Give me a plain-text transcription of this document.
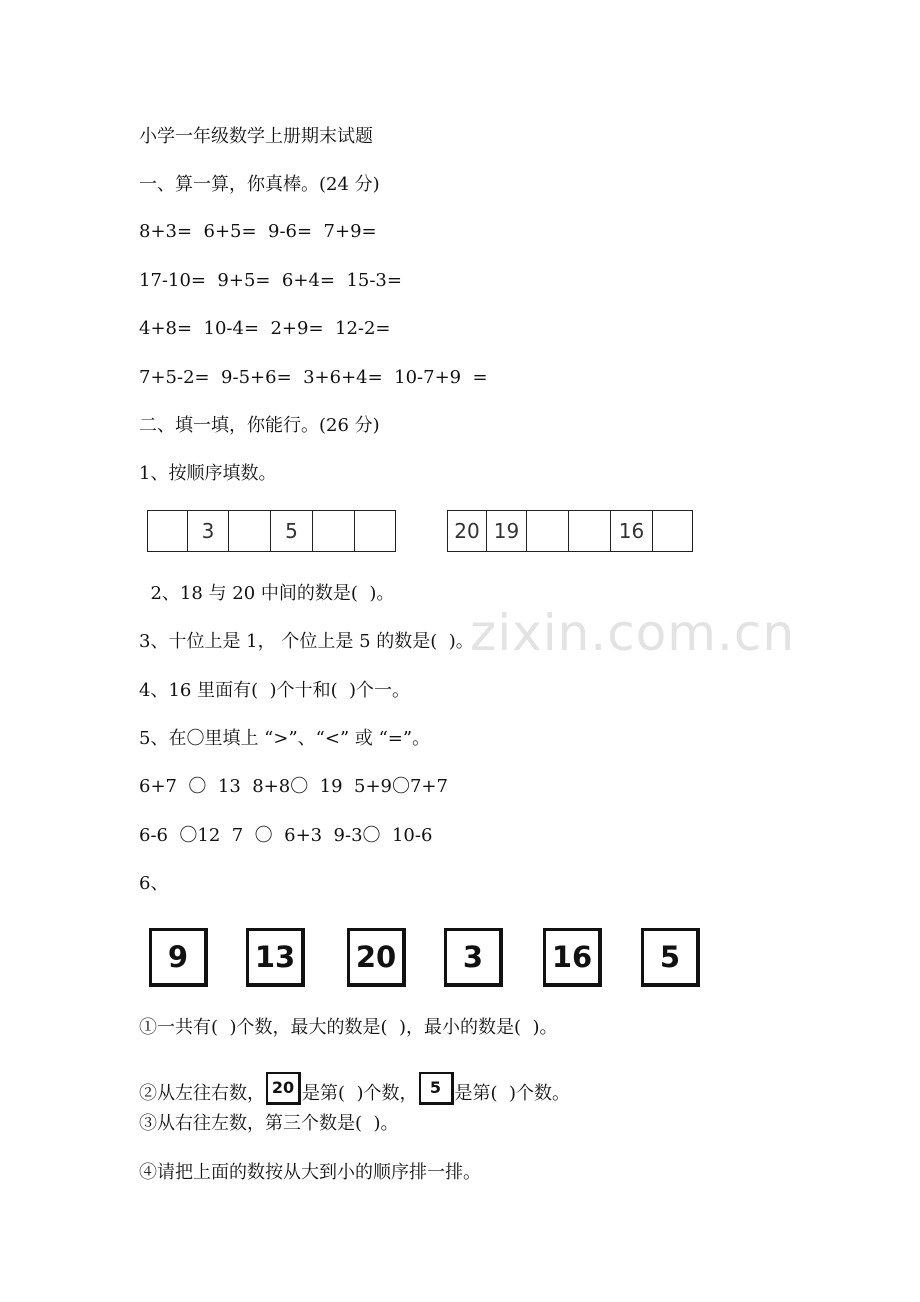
zixin.com.cn
小学一年级数学上册期末试题
一、算一算，你真棒。(24 分)
8+3=  6+5=  9-6=  7+9=
17-10=  9+5=  6+4=  15-3=
4+8=  10-4=  2+9=  12-2=
7+5-2=  9-5+6=  3+6+4=  10-7+9  =
二、填一填，你能行。(26 分)
1、按顺序填数。
3	5	20 19	16
2、18 与 20 中间的数是(  )。
3、十位上是 1， 个位上是 5 的数是(  )。
4、16 里面有(  )个十和(  )个一。
5、在〇里填上 “>”、“<” 或 “=”。
6+7  〇  13  8+8〇  19  5+9〇7+7
6-6  〇12  7  〇  6+3  9-3〇  10-6
6、
9	13	20	3	16	5
①一共有(  )个数，最大的数是(  )，最小的数是(  )。
②从左往右数， 20 是第(  )个数， 5 是第(  )个数。
③从右往左数，第三个数是(  )。
④请把上面的数按从大到小的顺序排一排。
